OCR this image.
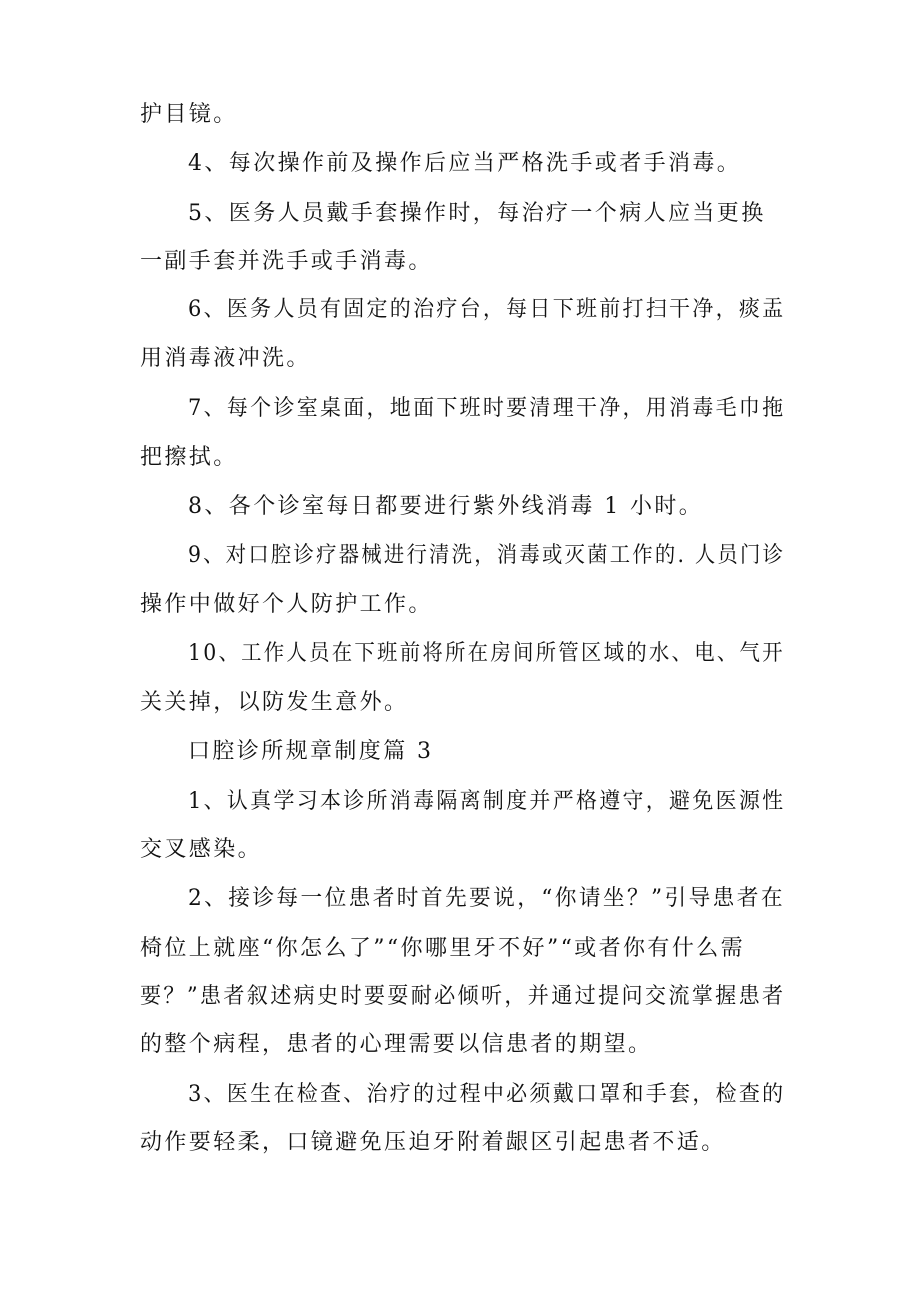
护目镜。
4、每次操作前及操作后应当严格洗手或者手消毒。
5、医务人员戴手套操作时，每治疗一个病人应当更换
一副手套并洗手或手消毒。
6、医务人员有固定的治疗台，每日下班前打扫干净，痰盂
用消毒液冲洗。
7、每个诊室桌面，地面下班时要清理干净，用消毒毛巾拖
把擦拭。
8、各个诊室每日都要进行紫外线消毒 1 小时。
9、对口腔诊疗器械进行清洗，消毒或灭菌工作的. 人员门诊
操作中做好个人防护工作。
10、工作人员在下班前将所在房间所管区域的水、电、气开
关关掉，以防发生意外。
口腔诊所规章制度篇 3
1、认真学习本诊所消毒隔离制度并严格遵守，避免医源性
交叉感染。
2、接诊每一位患者时首先要说，“你请坐？”引导患者在
椅位上就座“你怎么了”“你哪里牙不好”“或者你有什么需
要？”患者叙述病史时要耍耐必倾听，并通过提问交流掌握患者
的整个病程，患者的心理需要以信患者的期望。
3、医生在检查、治疗的过程中必须戴口罩和手套，检查的
动作要轻柔，口镜避免压迫牙附着龈区引起患者不适。
